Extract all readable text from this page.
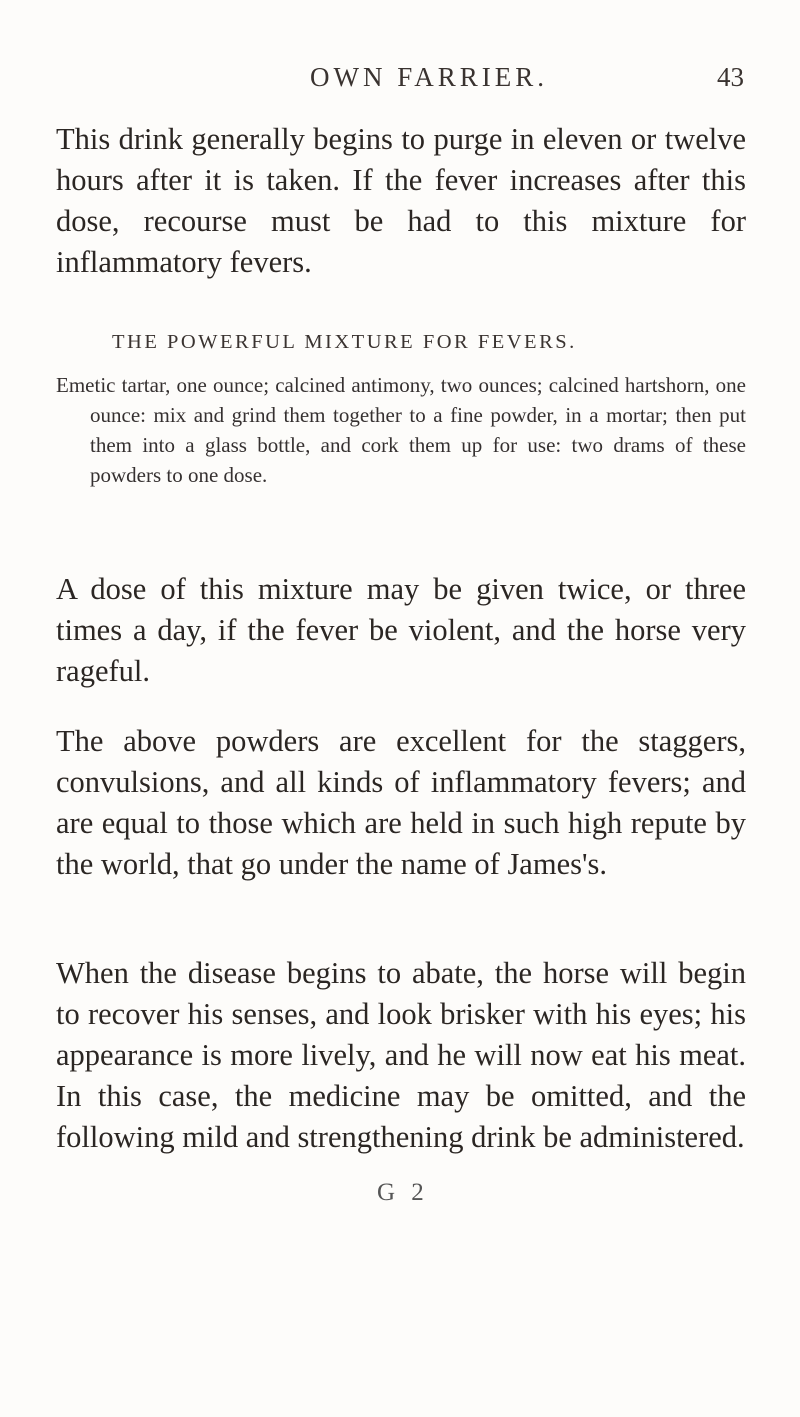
OWN FARRIER.	43

This drink generally begins to purge in eleven or twelve hours after it is taken. If the fever increases after this dose, recourse must be had to this mixture for inflammatory fevers.

THE POWERFUL MIXTURE FOR FEVERS.

Emetic tartar, one ounce; calcined antimony, two ounces; calcined hartshorn, one ounce: mix and grind them together to a fine powder, in a mortar; then put them into a glass bottle, and cork them up for use: two drams of these powders to one dose.

A dose of this mixture may be given twice, or three times a day, if the fever be violent, and the horse very rageful.

The above powders are excellent for the staggers, convulsions, and all kinds of inflammatory fevers; and are equal to those which are held in such high repute by the world, that go under the name of James's.

When the disease begins to abate, the horse will begin to recover his senses, and look brisker with his eyes; his appearance is more lively, and he will now eat his meat. In this case, the medicine may be omitted, and the following mild and strengthening drink be administered.

G 2
